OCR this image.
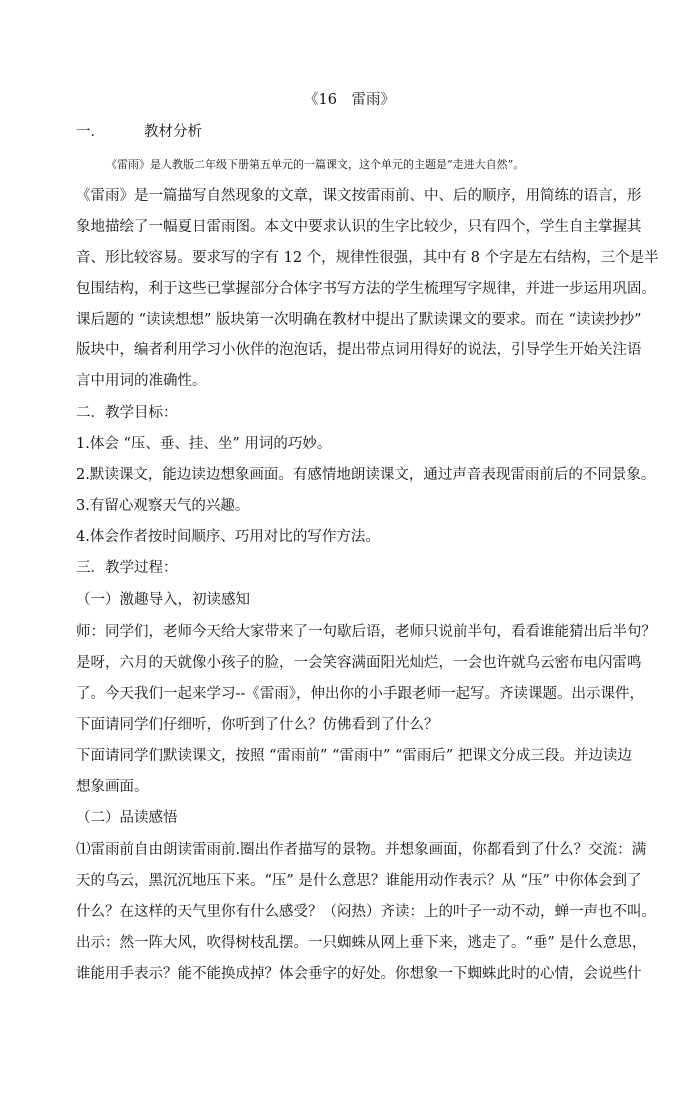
《16　雷雨》
一．	教材分析
《雷雨》是人教版二年级下册第五单元的一篇课文，这个单元的主题是“走进大自然”。
《雷雨》是一篇描写自然现象的文章，课文按雷雨前、中、后的顺序，用简练的语言，形
象地描绘了一幅夏日雷雨图。本文中要求认识的生字比较少，只有四个，学生自主掌握其
音、形比较容易。要求写的字有 12 个，规律性很强，其中有 8 个字是左右结构，三个是半
包围结构，利于这些已掌握部分合体字书写方法的学生梳理写字规律，并进一步运用巩固。
课后题的 “读读想想” 版块第一次明确在教材中提出了默读课文的要求。而在 “读读抄抄”
版块中，编者利用学习小伙伴的泡泡话，提出带点词用得好的说法，引导学生开始关注语
言中用词的准确性。
二．教学目标：
1.体会 “压、垂、挂、坐” 用词的巧妙。
2.默读课文，能边读边想象画面。有感情地朗读课文，通过声音表现雷雨前后的不同景象。
3.有留心观察天气的兴趣。
4.体会作者按时间顺序、巧用对比的写作方法。
三．教学过程：
（一）激趣导入，初读感知
师：同学们，老师今天给大家带来了一句歇后语，老师只说前半句，看看谁能猜出后半句？
是呀，六月的天就像小孩子的脸，一会笑容满面阳光灿烂，一会也许就乌云密布电闪雷鸣
了。今天我们一起来学习--《雷雨》，伸出你的小手跟老师一起写。齐读课题。出示课件，
下面请同学们仔细听，你听到了什么？仿佛看到了什么？
下面请同学们默读课文，按照 “雷雨前” “雷雨中” “雷雨后” 把课文分成三段。并边读边
想象画面。
（二）品读感悟
⑴雷雨前自由朗读雷雨前.圈出作者描写的景物。并想象画面，你都看到了什么？交流：满
天的乌云，黑沉沉地压下来。“压” 是什么意思？谁能用动作表示？从 “压” 中你体会到了
什么？在这样的天气里你有什么感受？（闷热）齐读：上的叶子一动不动，蝉一声也不叫。
出示：然一阵大风，吹得树枝乱摆。一只蜘蛛从网上垂下来，逃走了。“垂” 是什么意思，
谁能用手表示？能不能换成掉？体会垂字的好处。你想象一下蜘蛛此时的心情，会说些什
